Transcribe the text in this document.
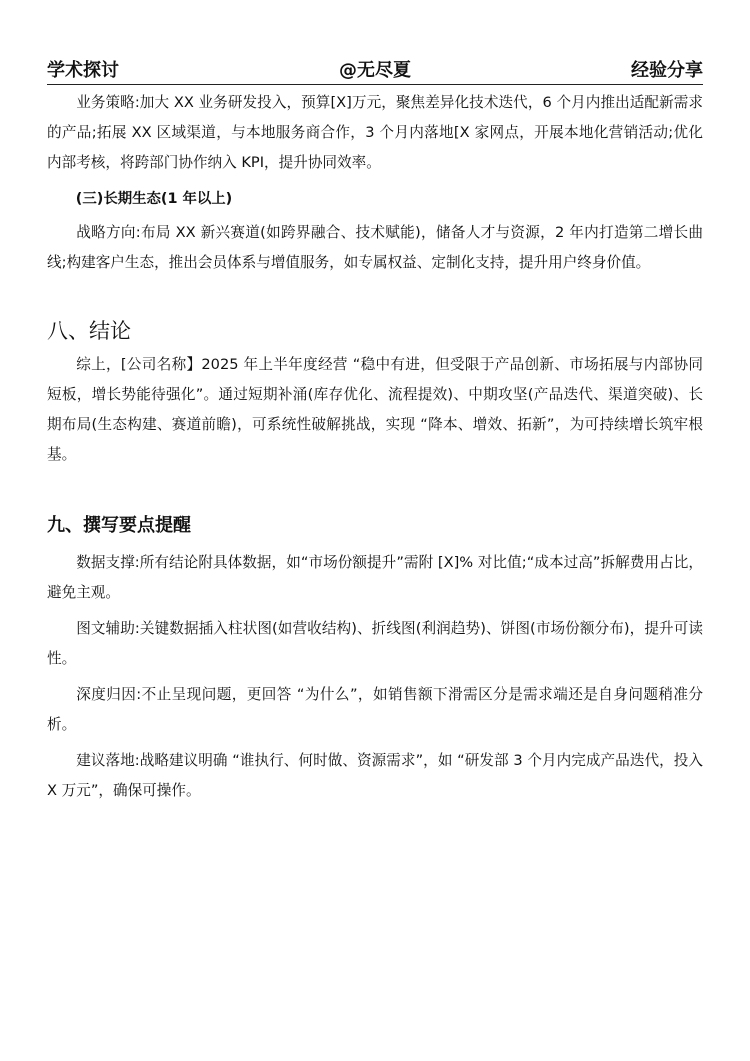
学术探讨	@无尽夏	经验分享

业务策略:加大 XX 业务研发投入，预算[X]万元，聚焦差异化技术迭代，6 个月内推出适配新需求的产品;拓展 XX 区域渠道，与本地服务商合作，3 个月内落地[X 家网点，开展本地化营销活动;优化内部考核，将跨部门协作纳入 KPI，提升协同效率。

(三)长期生态(1 年以上)

战略方向:布局 XX 新兴赛道(如跨界融合、技术赋能)，储备人才与资源，2 年内打造第二增长曲线;构建客户生态，推出会员体系与增值服务，如专属权益、定制化支持，提升用户终身价值。

八、结论

综上，[公司名称】2025 年上半年度经营 “稳中有进，但受限于产品创新、市场拓展与内部协同短板，增长势能待强化”。通过短期补涌(库存优化、流程提效)、中期攻坚(产品迭代、渠道突破)、长期布局(生态构建、赛道前瞻)，可系统性破解挑战，实现 “降本、增效、拓新”，为可持续增长筑牢根基。

九、撰写要点提醒

数据支撑:所有结论附具体数据，如“市场份额提升”需附 [X]% 对比值;“成本过高”拆解费用占比，避免主观。

图文辅助:关键数据插入柱状图(如营收结构)、折线图(利润趋势)、饼图(市场份额分布)，提升可读性。

深度归因:不止呈现问题，更回答 “为什么”，如销售额下滑需区分是需求端还是自身问题稍准分析。

建议落地:战略建议明确 “谁执行、何时做、资源需求”，如 “研发部 3 个月内完成产品迭代，投入 X 万元”，确保可操作。
